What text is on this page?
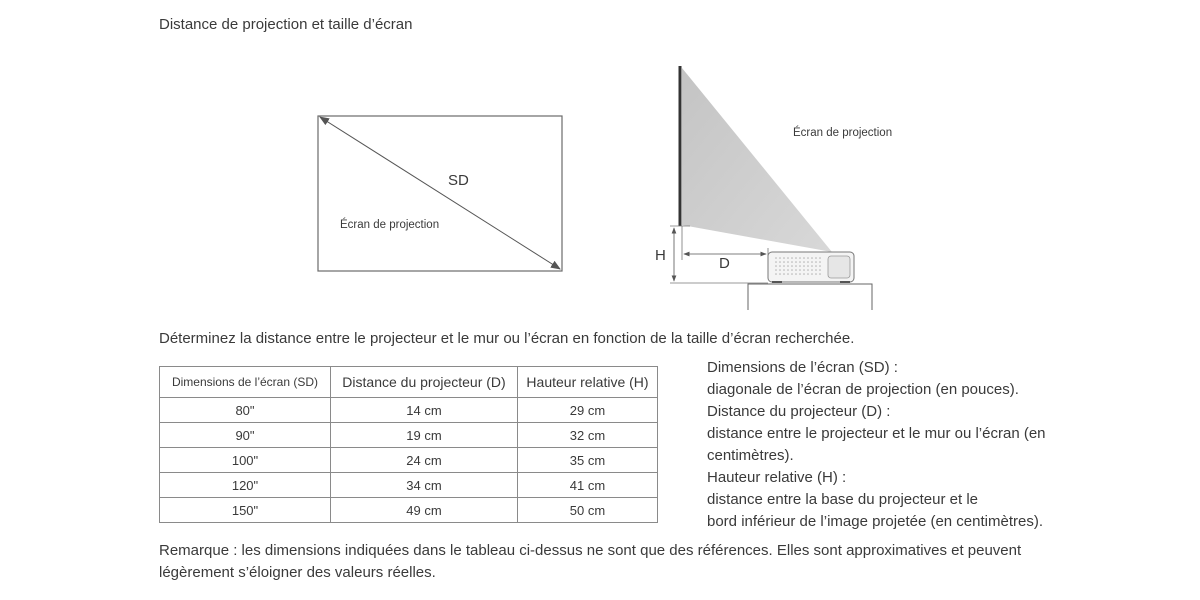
Distance de projection et taille d’écran
SD
Écran de projection
Écran de projection
H	D
Déterminez la distance entre le projecteur et le mur ou l’écran en fonction de la taille d’écran recherchée.
Dimensions de l’écran (SD)	Distance du projecteur (D)	Hauteur relative (H)
80"	14 cm	29 cm
90"	19 cm	32 cm
100"	24 cm	35 cm
120"	34 cm	41 cm
150"	49 cm	50 cm
Dimensions de l’écran (SD) :
diagonale de l’écran de projection (en pouces).
Distance du projecteur (D) :
distance entre le projecteur et le mur ou l’écran (en
centimètres).
Hauteur relative (H) :
distance entre la base du projecteur et le
bord inférieur de l’image projetée (en centimètres).
Remarque : les dimensions indiquées dans le tableau ci-dessus ne sont que des références. Elles sont approximatives et peuvent légèrement s’éloigner des valeurs réelles.
